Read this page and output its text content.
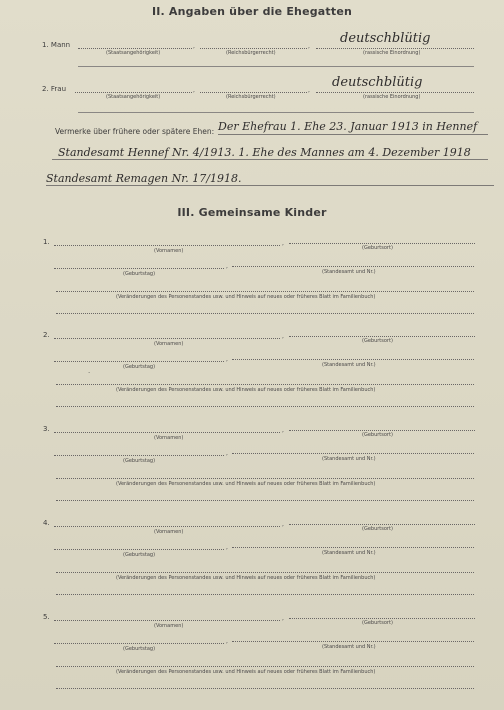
II. Angaben über die Ehegatten
1. Mann	,	,
(Staatsangehörigkeit)	(Reichsbürgerrecht)	(rassische Einordnung)
deutschblütig
2. Frau	,	,
(Staatsangehörigkeit)	(Reichsbürgerrecht)	(rassische Einordnung)
deutschblütig
Vermerke über frühere oder spätere Ehen: Der Ehefrau 1. Ehe 23. Januar 1913 in Hennef
Standesamt Hennef Nr. 4/1913. 1. Ehe des Mannes am 4. Dezember 1918
Standesamt Remagen Nr. 17/1918.
III. Gemeinsame Kinder
1.	,
(Vornamen)	(Geburtsort)
,
(Geburtstag)	(Standesamt und Nr.)
(Veränderungen des Personenstandes usw. und Hinweis auf neues oder früheres Blatt im Familienbuch)
2.	,
(Vornamen)	(Geburtsort)
,
(Geburtstag)	(Standesamt und Nr.)
(Veränderungen des Personenstandes usw. und Hinweis auf neues oder früheres Blatt im Familienbuch)
3.	,
(Vornamen)	(Geburtsort)
,
(Geburtstag)	(Standesamt und Nr.)
(Veränderungen des Personenstandes usw. und Hinweis auf neues oder früheres Blatt im Familienbuch)
4.	,
(Vornamen)	(Geburtsort)
,
(Geburtstag)	(Standesamt und Nr.)
(Veränderungen des Personenstandes usw. und Hinweis auf neues oder früheres Blatt im Familienbuch)
5.	,
(Vornamen)	(Geburtsort)
,
(Geburtstag)	(Standesamt und Nr.)
(Veränderungen des Personenstandes usw. und Hinweis auf neues oder früheres Blatt im Familienbuch)
·
